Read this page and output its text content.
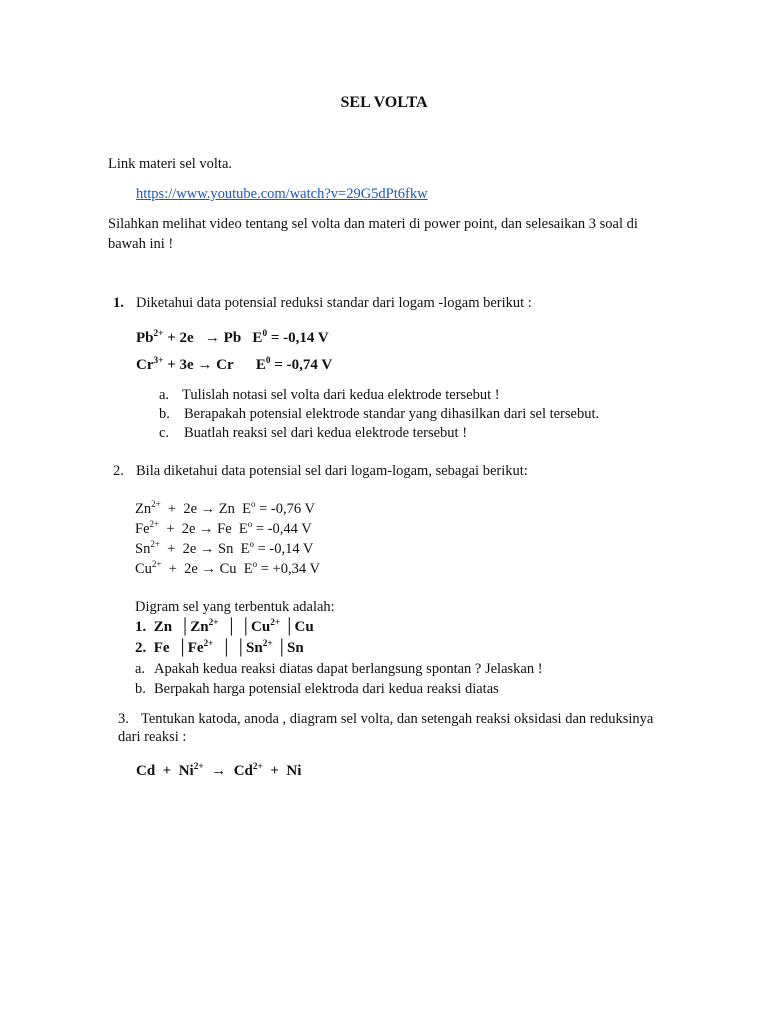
SEL VOLTA
Link materi sel volta.
https://www.youtube.com/watch?v=29G5dPt6fkw
Silahkan melihat video tentang sel volta dan materi di power point, dan selesaikan 3 soal di
bawah ini !
1. Diketahui data potensial reduksi standar dari logam -logam berikut :
$Pb^{2+} + 2e \to Pb$   $E^0 = -0,14$ V
$Cr^{3+} + 3e \to Cr$      $E^0 = -0,74$ V
a. Tulislah notasi sel volta dari kedua elektrode tersebut !
b. Berapakah potensial elektrode standar yang dihasilkan dari sel tersebut.
c. Buatlah reaksi sel dari kedua elektrode tersebut !
2. Bila diketahui data potensial sel dari logam-logam, sebagai berikut:
$Zn^{2+} + 2e \to Zn$  $E^o = -0,76$ V
$Fe^{2+} + 2e \to Fe$  $E^o = -0,44$ V
$Sn^{2+} + 2e \to Sn$  $E^o = -0,14$ V
$Cu^{2+} + 2e \to Cu$  $E^o = +0,34$ V
Digram sel yang terbentuk adalah:
1.  Zn  $│Zn^{2+}$  │ $│Cu^{2+}$ │Cu
2.  Fe  $│Fe^{2+}$  │ $│Sn^{2+}$ │Sn
a. Apakah kedua reaksi diatas dapat berlangsung spontan ? Jelaskan !
b. Berpakah harga potensial elektroda dari kedua reaksi diatas
3. Tentukan katoda, anoda , diagram sel volta, dan setengah reaksi oksidasi dan reduksinya
dari reaksi :
$Cd + Ni^{2+} \to Cd^{2+} + Ni$
